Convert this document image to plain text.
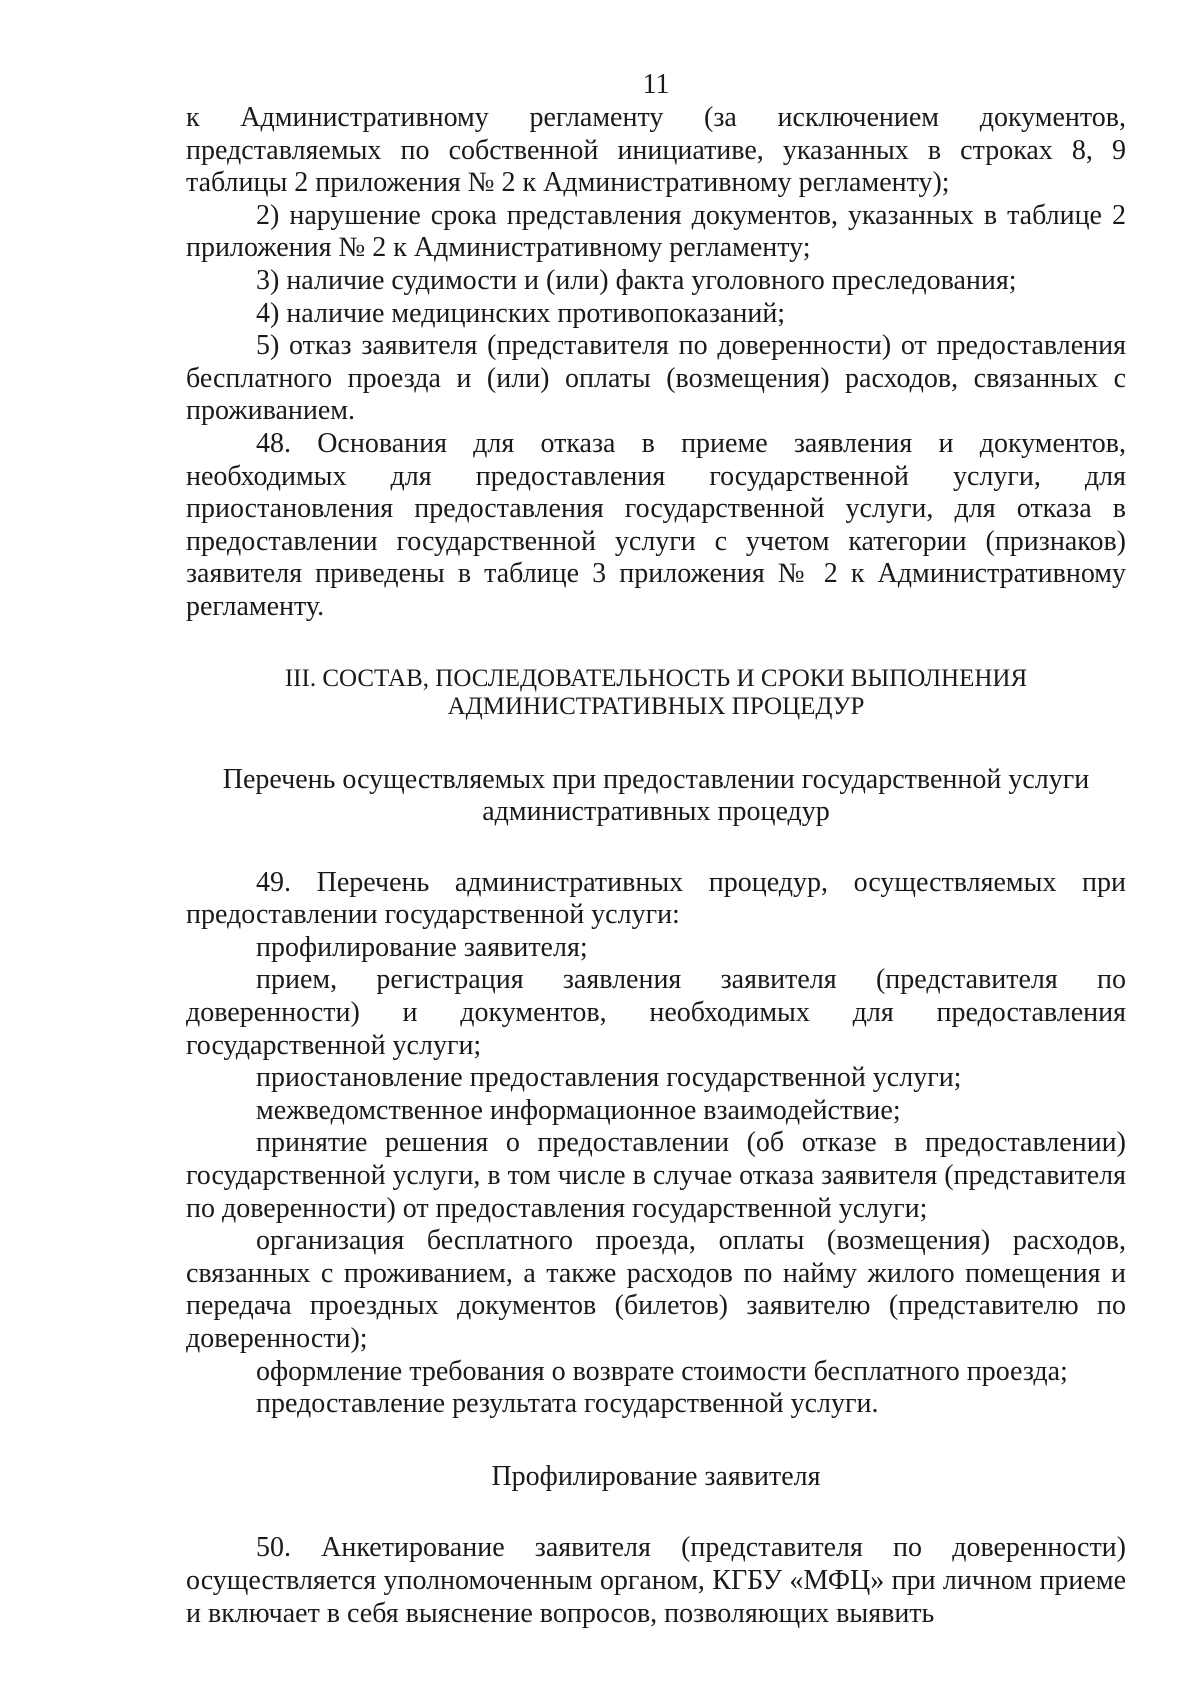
11

к Административному регламенту (за исключением документов, представляемых по собственной инициативе, указанных в строках 8, 9 таблицы 2 приложения № 2 к Административному регламенту);

2) нарушение срока представления документов, указанных в таблице 2 приложения № 2 к Административному регламенту;

3) наличие судимости и (или) факта уголовного преследования;

4) наличие медицинских противопоказаний;

5) отказ заявителя (представителя по доверенности) от предоставления бесплатного проезда и (или) оплаты (возмещения) расходов, связанных с проживанием.

48. Основания для отказа в приеме заявления и документов, необходимых для предоставления государственной услуги, для приостановления предоставления государственной услуги, для отказа в предоставлении государственной услуги с учетом категории (признаков) заявителя приведены в таблице 3 приложения № 2 к Административному регламенту.

III. СОСТАВ, ПОСЛЕДОВАТЕЛЬНОСТЬ И СРОКИ ВЫПОЛНЕНИЯ
АДМИНИСТРАТИВНЫХ ПРОЦЕДУР
Перечень осуществляемых при предоставлении государственной услуги
административных процедур

49. Перечень административных процедур, осуществляемых при предоставлении государственной услуги:

профилирование заявителя;

прием, регистрация заявления заявителя (представителя по доверенности) и документов, необходимых для предоставления государственной услуги;

приостановление предоставления государственной услуги;

межведомственное информационное взаимодействие;

принятие решения о предоставлении (об отказе в предоставлении) государственной услуги, в том числе в случае отказа заявителя (представителя по доверенности) от предоставления государственной услуги;

организация бесплатного проезда, оплаты (возмещения) расходов, связанных с проживанием, а также расходов по найму жилого помещения и передача проездных документов (билетов) заявителю (представителю по доверенности);

оформление требования о возврате стоимости бесплатного проезда;

предоставление результата государственной услуги.

Профилирование заявителя

50. Анкетирование заявителя (представителя по доверенности) осуществляется уполномоченным органом, КГБУ «МФЦ» при личном приеме и включает в себя выяснение вопросов, позволяющих выявить
